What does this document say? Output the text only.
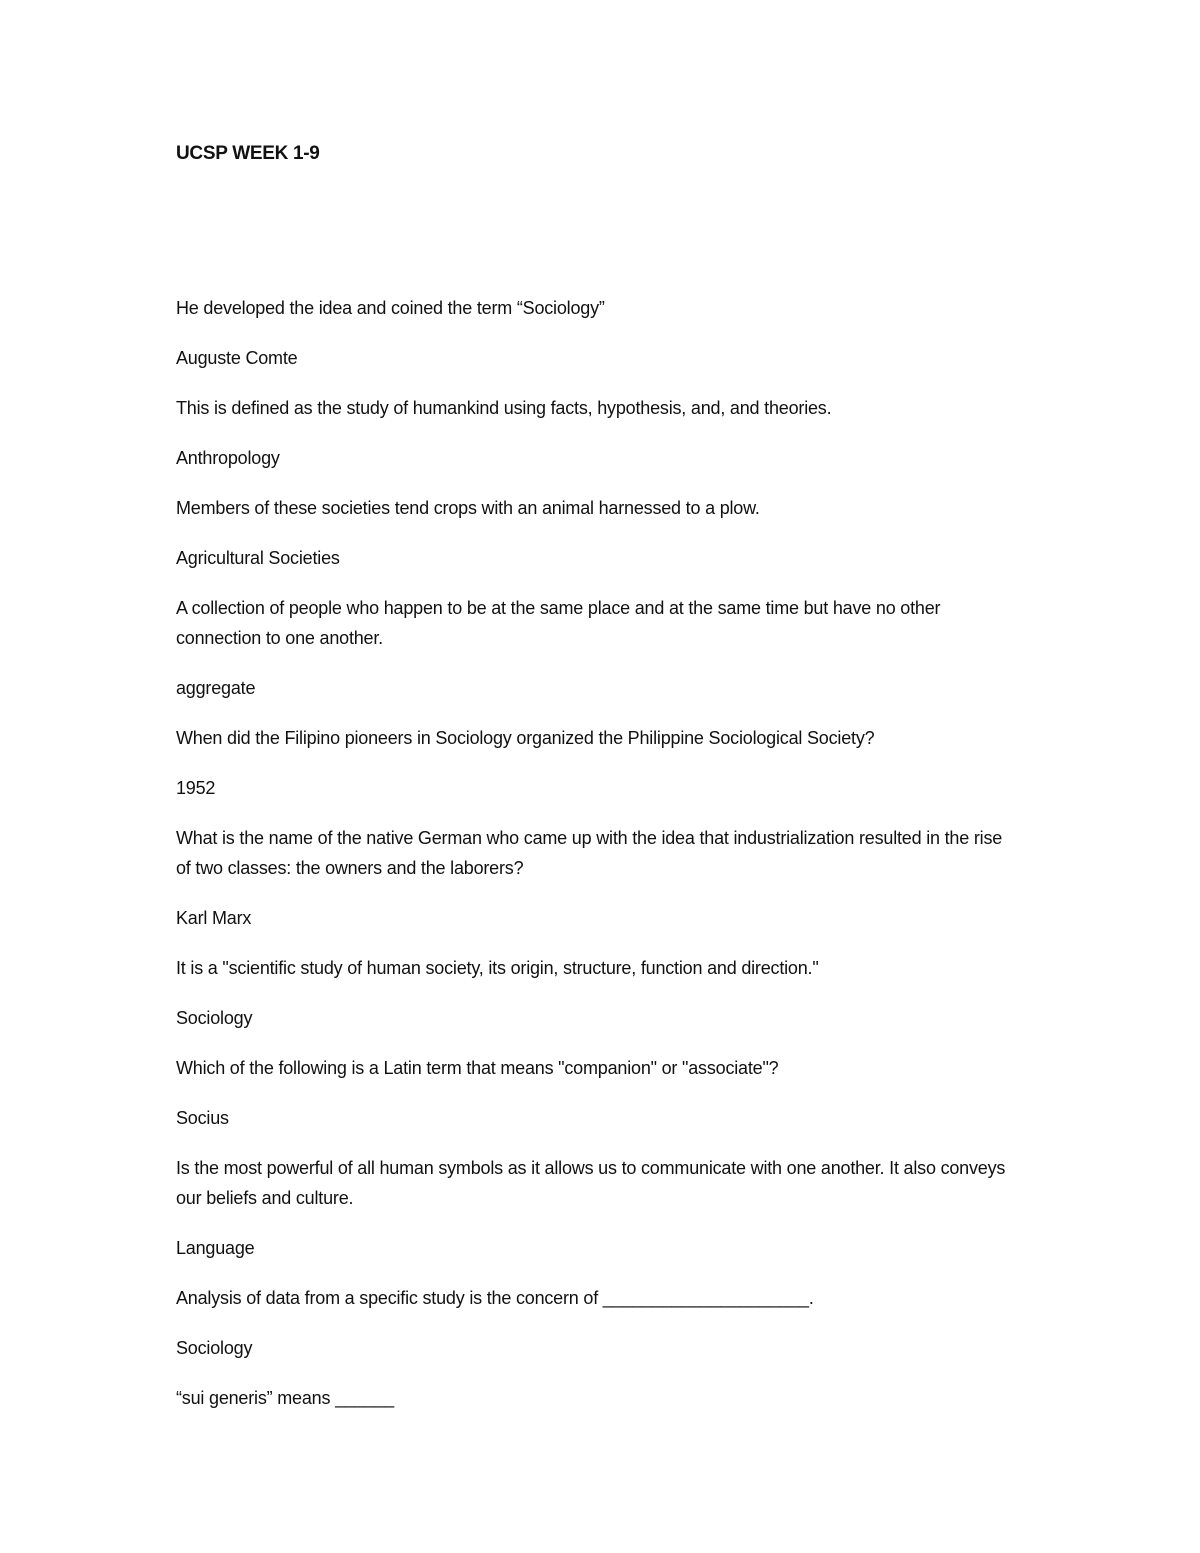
UCSP WEEK 1-9

He developed the idea and coined the term “Sociology”

Auguste Comte

This is defined as the study of humankind using facts, hypothesis, and, and theories.

Anthropology

Members of these societies tend crops with an animal harnessed to a plow.

Agricultural Societies

A collection of people who happen to be at the same place and at the same time but have no other connection to one another.

aggregate

When did the Filipino pioneers in Sociology organized the Philippine Sociological Society?

1952

What is the name of the native German who came up with the idea that industrialization resulted in the rise of two classes: the owners and the laborers?

Karl Marx

It is a "scientific study of human society, its origin, structure, function and direction."

Sociology

Which of the following is a Latin term that means "companion" or "associate"?

Socius

Is the most powerful of all human symbols as it allows us to communicate with one another. It also conveys our beliefs and culture.

Language

Analysis of data from a specific study is the concern of _____________________.

Sociology

“sui generis” means ______
